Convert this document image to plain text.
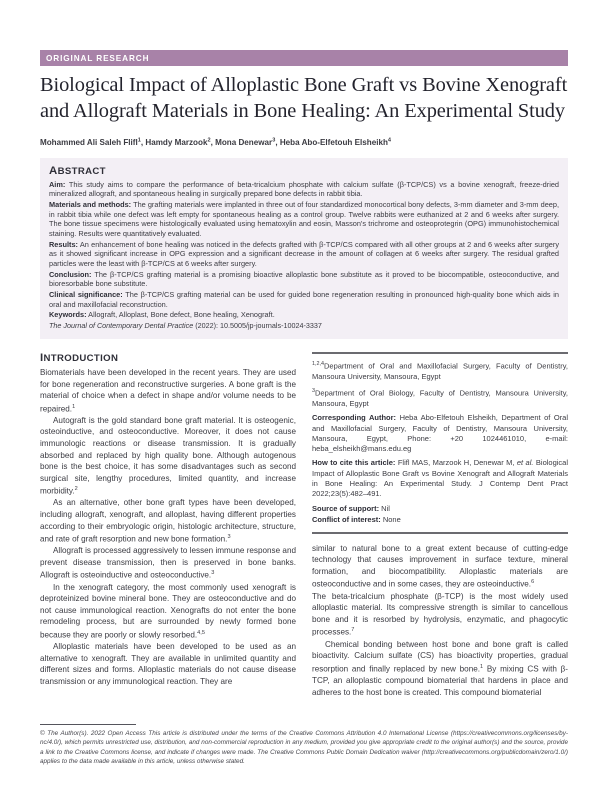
ORIGINAL RESEARCH
Biological Impact of Alloplastic Bone Graft vs Bovine Xenograft and Allograft Materials in Bone Healing: An Experimental Study
Mohammed Ali Saleh Flifl$^1$, Hamdy Marzook$^2$, Mona Denewar$^3$, Heba Abo-Elfetouh Elsheikh$^4$
ABSTRACT

Aim: This study aims to compare the performance of beta-tricalcium phosphate with calcium sulfate (β-TCP/CS) vs a bovine xenograft, freeze-dried mineralized allograft, and spontaneous healing in surgically prepared bone defects in rabbit tibia.

Materials and methods: The grafting materials were implanted in three out of four standardized monocortical bony defects, 3-mm diameter and 3-mm deep, in rabbit tibia while one defect was left empty for spontaneous healing as a control group. Twelve rabbits were euthanized at 2 and 6 weeks after surgery. The bone tissue specimens were histologically evaluated using hematoxylin and eosin, Masson's trichrome and osteoprotegrin (OPG) immunohistochemical staining. Results were quantitatively evaluated.

Results: An enhancement of bone healing was noticed in the defects grafted with β-TCP/CS compared with all other groups at 2 and 6 weeks after surgery as it showed significant increase in OPG expression and a significant decrease in the amount of collagen at 6 weeks after surgery. The residual grafted particles were the least with β-TCP/CS at 6 weeks after surgery.

Conclusion: The β-TCP/CS grafting material is a promising bioactive alloplastic bone substitute as it proved to be biocompatible, osteoconductive, and bioresorbable bone substitute.

Clinical significance: The β-TCP/CS grafting material can be used for guided bone regeneration resulting in pronounced high-quality bone which aids in oral and maxillofacial reconstruction.

Keywords: Allograft, Alloplast, Bone defect, Bone healing, Xenograft.

The Journal of Contemporary Dental Practice (2022): 10.5005/jp-journals-10024-3337
INTRODUCTION

Biomaterials have been developed in the recent years. They are used for bone regeneration and reconstructive surgeries. A bone graft is the material of choice when a defect in shape and/or volume needs to be repaired.$^1$

Autograft is the gold standard bone graft material. It is osteogenic, osteoinductive, and osteoconductive. Moreover, it does not cause immunologic reactions or disease transmission. It is gradually absorbed and replaced by high quality bone. Although autogenous bone is the best choice, it has some disadvantages such as second surgical site, lengthy procedures, limited quantity, and increase morbidity.$^2$

As an alternative, other bone graft types have been developed, including allograft, xenograft, and alloplast, having different properties according to their embryologic origin, histologic architecture, structure, and rate of graft resorption and new bone formation.$^3$

Allograft is processed aggressively to lessen immune response and prevent disease transmission, then is preserved in bone banks. Allograft is osteoinductive and osteoconductive.$^3$

In the xenograft category, the most commonly used xenograft is deproteinized bovine mineral bone. They are osteoconductive and do not cause immunological reaction. Xenografts do not enter the bone remodeling process, but are surrounded by newly formed bone because they are poorly or slowly resorbed.$^{4,5}$

Alloplastic materials have been developed to be used as an alternative to xenograft. They are available in unlimited quantity and different sizes and forms. Alloplastic materials do not cause disease transmission or any immunological reaction. They are

$^{1,2,4}$Department of Oral and Maxillofacial Surgery, Faculty of Dentistry, Mansoura University, Mansoura, Egypt

$^3$Department of Oral Biology, Faculty of Dentistry, Mansoura University, Mansoura, Egypt

Corresponding Author: Heba Abo-Elfetouh Elsheikh, Department of Oral and Maxillofacial Surgery, Faculty of Dentistry, Mansoura University, Mansoura, Egypt, Phone: +20 1024461010, e-mail: heba_elsheikh@mans.edu.eg

How to cite this article: Flifl MAS, Marzook H, Denewar M, et al. Biological Impact of Alloplastic Bone Graft vs Bovine Xenograft and Allograft Materials in Bone Healing: An Experimental Study. J Contemp Dent Pract 2022;23(5):482–491.

Source of support: Nil

Conflict of interest: None

similar to natural bone to a great extent because of cutting-edge technology that causes improvement in surface texture, mineral formation, and biocompatibility. Alloplastic materials are osteoconductive and in some cases, they are osteoinductive.$^6$

The beta-tricalcium phosphate (β-TCP) is the most widely used alloplastic material. Its compressive strength is similar to cancellous bone and it is resorbed by hydrolysis, enzymatic, and phagocytic processes.$^7$

Chemical bonding between host bone and bone graft is called bioactivity. Calcium sulfate (CS) has bioactivity properties, gradual resorption and finally replaced by new bone.$^1$ By mixing CS with β-TCP, an alloplastic compound biomaterial that hardens in place and adheres to the host bone is created. This compound biomaterial

© The Author(s). 2022 Open Access This article is distributed under the terms of the Creative Commons Attribution 4.0 International License (https://creativecommons.org/licenses/by-nc/4.0/), which permits unrestricted use, distribution, and non-commercial reproduction in any medium, provided you give appropriate credit to the original author(s) and the source, provide a link to the Creative Commons license, and indicate if changes were made. The Creative Commons Public Domain Dedication waiver (http://creativecommons.org/publicdomain/zero/1.0/) applies to the data made available in this article, unless otherwise stated.
